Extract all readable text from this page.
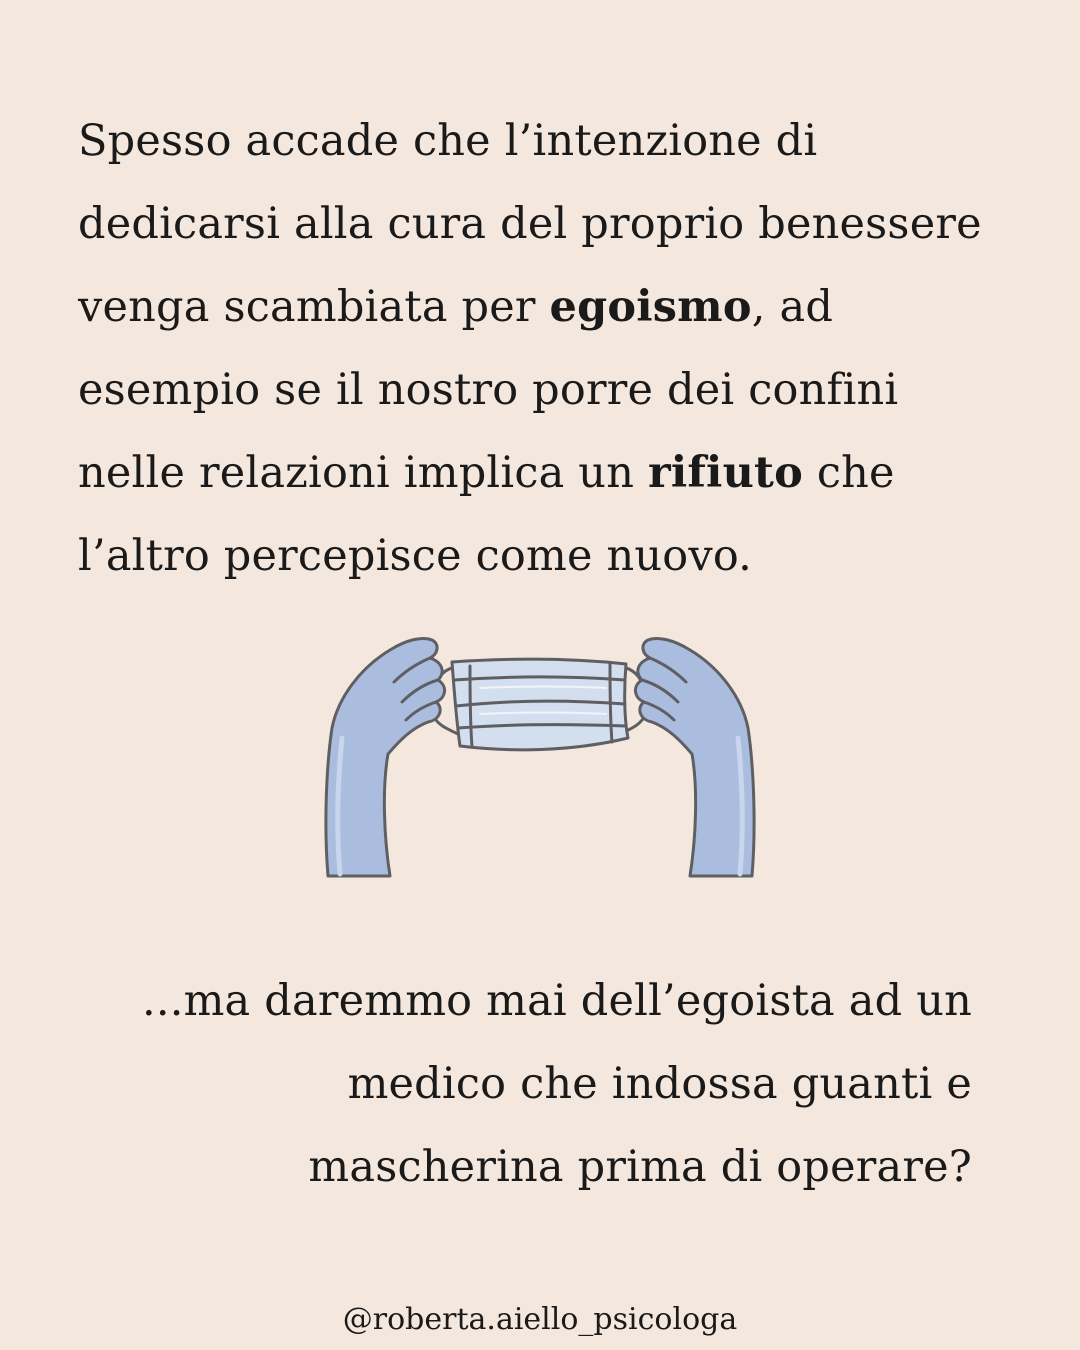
Spesso accade che l’intenzione di dedicarsi alla cura del proprio benessere venga scambiata per egoismo, ad esempio se il nostro porre dei confini nelle relazioni implica un rifiuto che l’altro percepisce come nuovo.

...ma daremmo mai dell’egoista ad un
medico che indossa guanti e
mascherina prima di operare?

@roberta.aiello_psicologa
